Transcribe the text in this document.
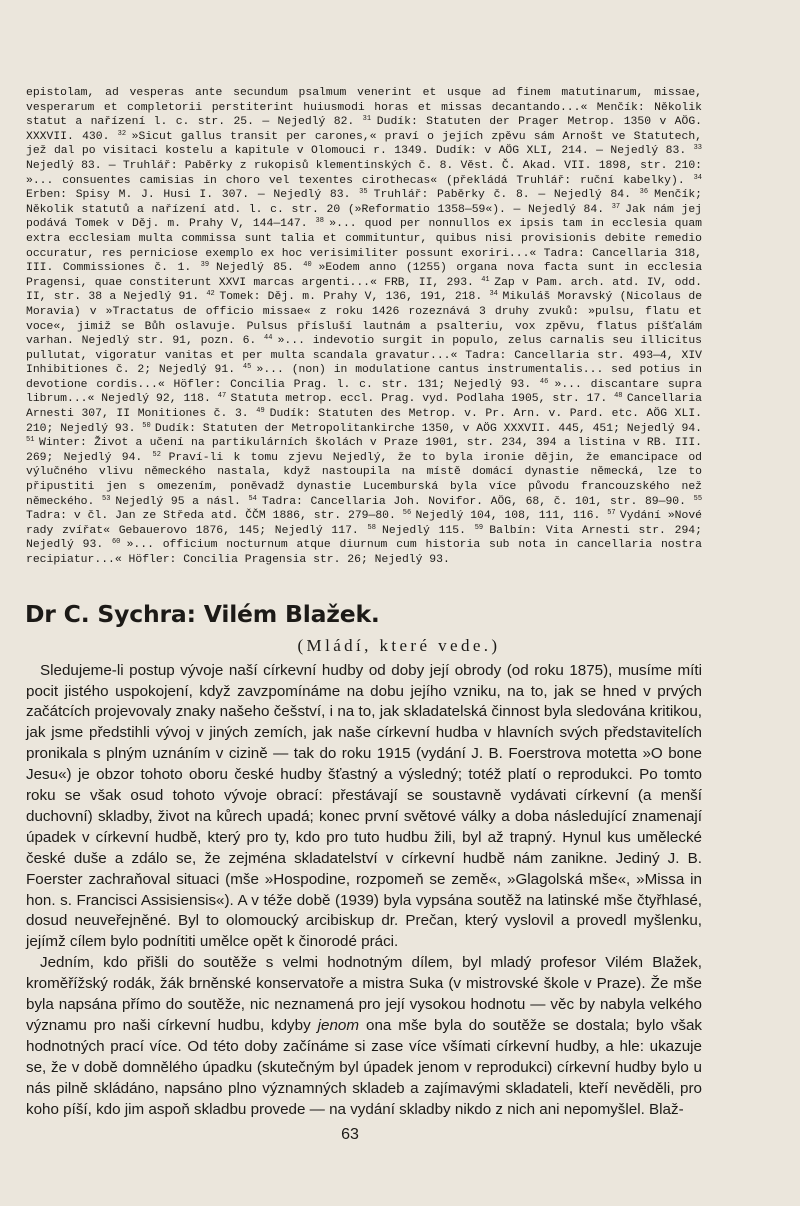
epistolam, ad vesperas ante secundum psalmum venerint et usque ad finem matutinarum, missae, vesperarum et completorii perstiterint huiusmodi horas et missas decantando...« Menčík: Několik statut a nařízení l. c. str. 25. — Nejedlý 82. $^{31}$ Dudík: Statuten der Prager Metrop. 1350 v AÖG. XXXVII. 430. $^{32}$ »Sicut gallus transit per carones,« praví o jejích zpěvu sám Arnošt ve Statutech, jež dal po visitaci kostelu a kapitule v Olomouci r. 1349. Dudík: v AÖG XLI, 214. — Nejedlý 83. $^{33}$ Nejedlý 83. — Truhlář: Paběrky z rukopisů klementinských č. 8. Věst. Č. Akad. VII. 1898, str. 210: »... consuentes camisias in choro vel texentes cirothecas« (překládá Truhlář: ruční kabelky). $^{34}$ Erben: Spisy M. J. Husi I. 307. — Nejedlý 83. $^{35}$ Truhlář: Paběrky č. 8. — Nejedlý 84. $^{36}$ Menčík; Několik statutů a nařízení atd. l. c. str. 20 (»Reformatio 1358—59«). — Nejedlý 84. $^{37}$ Jak nám jej podává Tomek v Děj. m. Prahy V, 144—147. $^{38}$ »... quod per nonnullos ex ipsis tam in ecclesia quam extra ecclesiam multa commissa sunt talia et commituntur, quibus nisi provisionis debite remedio occuratur, res perniciose exemplo ex hoc verisimiliter possunt exoriri...« Tadra: Cancellaria 318, III. Commissiones č. 1. $^{39}$ Nejedlý 85. $^{40}$ »Eodem anno (1255) organa nova facta sunt in ecclesia Pragensi, quae constiterunt XXVI marcas argenti...« FRB, II, 293. $^{41}$ Zap v Pam. arch. atd. IV, odd. II, str. 38 a Nejedlý 91. $^{42}$ Tomek: Děj. m. Prahy V, 136, 191, 218. $^{34}$ Mikuláš Moravský (Nicolaus de Moravia) v »Tractatus de officio missae« z roku 1426 rozeznává 3 druhy zvuků: »pulsu, flatu et voce«, jimiž se Bůh oslavuje. Pulsus přísluší lautnám a psalteriu, vox zpěvu, flatus píšťalám varhan. Nejedlý str. 91, pozn. 6. $^{44}$ »... indevotio surgit in populo, zelus carnalis seu illicitus pullutat, vigoratur vanitas et per multa scandala gravatur...« Tadra: Cancellaria str. 493—4, XIV Inhibitiones č. 2; Nejedlý 91. $^{45}$ »... (non) in modulatione cantus instrumentalis... sed potius in devotione cordis...« Höfler: Concilia Prag. l. c. str. 131; Nejedlý 93. $^{46}$ »... discantare supra librum...« Nejedlý 92, 118. $^{47}$ Statuta metrop. eccl. Prag. vyd. Podlaha 1905, str. 17. $^{48}$ Cancellaria Arnesti 307, II Monitiones č. 3. $^{49}$ Dudík: Statuten des Metrop. v. Pr. Arn. v. Pard. etc. AÖG XLI. 210; Nejedlý 93. $^{50}$ Dudík: Statuten der Metropolitankirche 1350, v AÖG XXXVII. 445, 451; Nejedlý 94. $^{51}$ Winter: Život a učení na partikulárních školách v Praze 1901, str. 234, 394 a listina v RB. III. 269; Nejedlý 94. $^{52}$ Praví-li k tomu zjevu Nejedlý, že to byla ironie dějin, že emancipace od výlučného vlivu německého nastala, když nastoupila na místě domácí dynastie německá, lze to připustiti jen s omezením, poněvadž dynastie Lucemburská byla více původu francouzského než německého. $^{53}$ Nejedlý 95 a násl. $^{54}$ Tadra: Cancellaria Joh. Novifor. AÖG, 68, č. 101, str. 89—90. $^{55}$ Tadra: v čl. Jan ze Středa atd. ČČM 1886, str. 279—80. $^{56}$ Nejedlý 104, 108, 111, 116. $^{57}$ Vydání »Nové rady zvířat« Gebauerovo 1876, 145; Nejedlý 117. $^{58}$ Nejedlý 115. $^{59}$ Balbín: Vita Arnesti str. 294; Nejedlý 93. $^{60}$ »... officium nocturnum atque diurnum cum historia sub nota in cancellaria nostra recipiatur...« Höfler: Concilia Pragensia str. 26; Nejedlý 93.

Dr C. Sychra: Vilém Blažek.
(Mládí, které vede.)

Sledujeme-li postup vývoje naší církevní hudby od doby její obrody (od roku 1875), musíme míti pocit jistého uspokojení, když zavzpomínáme na dobu jejího vzniku, na to, jak se hned v prvých začátcích projevovaly znaky našeho češství, i na to, jak skladatelská činnost byla sledována kritikou, jak jsme předstihli vývoj v jiných zemích, jak naše církevní hudba v hlavních svých představitelích pronikala s plným uznáním v cizině — tak do roku 1915 (vydání J. B. Foerstrova motetta »O bone Jesu«) je obzor tohoto oboru české hudby šťastný a výsledný; totéž platí o reprodukci. Po tomto roku se však osud tohoto vývoje obrací: přestávají se soustavně vydávati církevní (a menší duchovní) skladby, život na kůrech upadá; konec první světové války a doba následující znamenají úpadek v církevní hudbě, který pro ty, kdo pro tuto hudbu žili, byl až trapný. Hynul kus umělecké české duše a zdálo se, že zejména skladatelství v církevní hudbě nám zanikne. Jediný J. B. Foerster zachraňoval situaci (mše »Hospodine, rozpomeň se země«, »Glagolská mše«, »Missa in hon. s. Francisci Assisiensis«). A v téže době (1939) byla vypsána soutěž na latinské mše čtyřhlasé, dosud neuveřejněné. Byl to olomoucký arcibiskup dr. Prečan, který vyslovil a provedl myšlenku, jejímž cílem bylo podnítiti umělce opět k činorodé práci.

Jedním, kdo přišli do soutěže s velmi hodnotným dílem, byl mladý profesor Vilém Blažek, kroměřížský rodák, žák brněnské konservatoře a mistra Suka (v mistrovské škole v Praze). Že mše byla napsána přímo do soutěže, nic neznamená pro její vysokou hodnotu — věc by nabyla velkého významu pro naši církevní hudbu, kdyby jenom ona mše byla do soutěže se dostala; bylo však hodnotných prací více. Od této doby začínáme si zase více všímati církevní hudby, a hle: ukazuje se, že v době domnělého úpadku (skutečným byl úpadek jenom v reprodukci) církevní hudby bylo u nás pilně skládáno, napsáno plno významných skladeb a zajímavými skladateli, kteří nevěděli, pro koho píší, kdo jim aspoň skladbu provede — na vydání skladby nikdo z nich ani nepomyšlel. Blaž-

63
